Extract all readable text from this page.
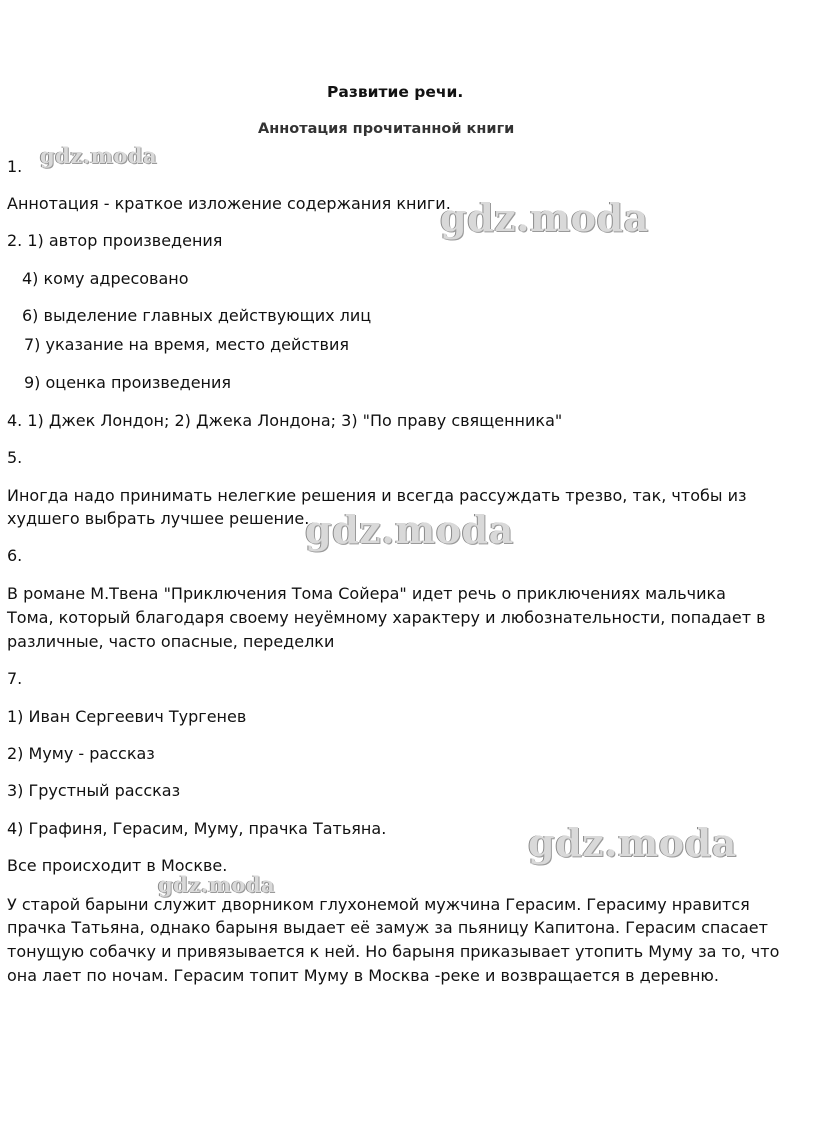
Развитие речи.
Аннотация прочитанной книги
1.
Аннотация - краткое изложение содержания книги.
2. 1) автор произведения
4) кому адресовано
6) выделение главных действующих лиц
7) указание на время, место действия
9) оценка произведения
4. 1) Джек Лондон; 2) Джека Лондона; 3) "По праву священника"
5.
Иногда надо принимать нелегкие решения и всегда рассуждать трезво, так, чтобы из
худшего выбрать лучшее решение.
6.
В романе М.Твена "Приключения Тома Сойера" идет речь о приключениях мальчика
Тома, который благодаря своему неуёмному характеру и любознательности, попадает в
различные, часто опасные, переделки
7.
1) Иван Сергеевич Тургенев
2) Муму - рассказ
3) Грустный рассказ
4) Графиня, Герасим, Муму, прачка Татьяна.
Все происходит в Москве.
У старой барыни служит дворником глухонемой мужчина Герасим. Герасиму нравится
прачка Татьяна, однако барыня выдает её замуж за пьяницу Капитона. Герасим спасает
тонущую собачку и привязывается к ней. Но барыня приказывает утопить Муму за то, что
она лает по ночам. Герасим топит Муму в Москва -реке и возвращается в деревню.
gdz.moda
gdz.moda
gdz.moda
gdz.moda
gdz.moda
